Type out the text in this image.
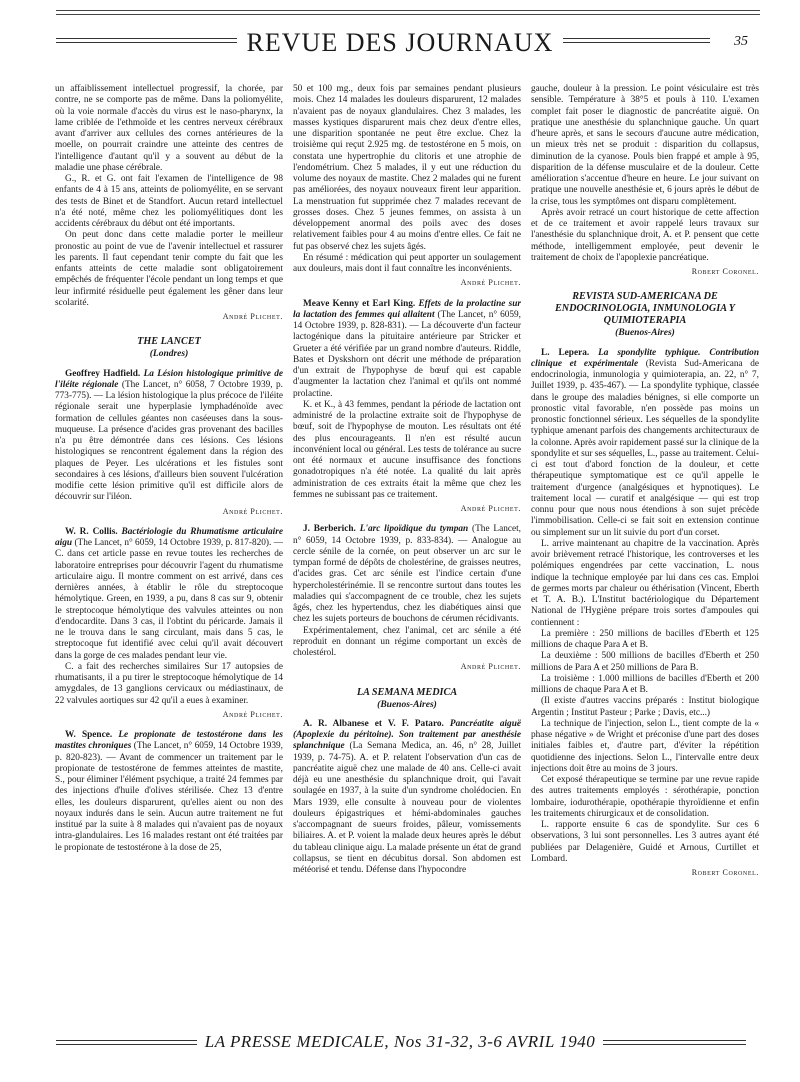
REVUE DES JOURNAUX	35

un affaiblissement intellectuel progressif, la chorée, par contre, ne se comporte pas de même. Dans la poliomyélite, où la voie normale d'accès du virus est le naso-pharynx, la lame criblée de l'ethmoïde et les centres nerveux cérébraux avant d'arriver aux cellules des cornes antérieures de la moelle, on pourrait craindre une atteinte des centres de l'intelligence d'autant qu'il y a souvent au début de la maladie une phase cérébrale.

G., R. et G. ont fait l'examen de l'intelligence de 98 enfants de 4 à 15 ans, atteints de poliomyélite, en se servant des tests de Binet et de Standfort. Aucun retard intellectuel n'a été noté, même chez les poliomyélitiques dont les accidents cérébraux du début ont été importants.

On peut donc dans cette maladie porter le meilleur pronostic au point de vue de l'avenir intellectuel et rassurer les parents. Il faut cependant tenir compte du fait que les enfants atteints de cette maladie sont obligatoirement empêchés de fréquenter l'école pendant un long temps et que leur infirmité résiduelle peut également les gêner dans leur scolarité.

André Plichet.
THE LANCET
(Londres)

Geoffrey Hadfield. La Lésion histologique primitive de l'iléite régionale (The Lancet, n° 6058, 7 Octobre 1939, p. 773-775). — La lésion histologique la plus précoce de l'iléite régionale serait une hyperplasie lymphadénoïde avec formation de cellules géantes non caséeuses dans la sous-muqueuse. La présence d'acides gras provenant des bacilles n'a pu être démontrée dans ces lésions. Ces lésions histologiques se rencontrent également dans la région des plaques de Peyer. Les ulcérations et les fistules sont secondaires à ces lésions, d'ailleurs bien souvent l'ulcération modifie cette lésion primitive qu'il est difficile alors de découvrir sur l'iléon.

André Plichet.

W. R. Collis. Bactériologie du Rhumatisme articulaire aigu (The Lancet, n° 6059, 14 Octobre 1939, p. 817-820). — C. dans cet article passe en revue toutes les recherches de laboratoire entreprises pour découvrir l'agent du rhumatisme articulaire aigu. Il montre comment on est arrivé, dans ces dernières années, à établir le rôle du streptocoque hémolytique. Green, en 1939, a pu, dans 8 cas sur 9, obtenir le streptocoque hémolytique des valvules atteintes ou non d'endocardite. Dans 3 cas, il l'obtint du péricarde. Jamais il ne le trouva dans le sang circulant, mais dans 5 cas, le streptocoque fut identifié avec celui qu'il avait découvert dans la gorge de ces malades pendant leur vie.

C. a fait des recherches similaires Sur 17 autopsies de rhumatisants, il a pu tirer le streptocoque hémolytique de 14 amygdales, de 13 ganglions cervicaux ou médiastinaux, de 22 valvules aortiques sur 42 qu'il a eues à examiner.

André Plichet.

W. Spence. Le propionate de testostérone dans les mastites chroniques (The Lancet, n° 6059, 14 Octobre 1939, p. 820-823). — Avant de commencer un traitement par le propionate de testostérone de femmes atteintes de mastite, S., pour éliminer l'élément psychique, a traité 24 femmes par des injections d'huile d'olives stérilisée. Chez 13 d'entre elles, les douleurs disparurent, qu'elles aient ou non des noyaux indurés dans le sein. Aucun autre traitement ne fut institué par la suite à 8 malades qui n'avaient pas de noyaux intra-glandulaires. Les 16 malades restant ont été traitées par le propionate de testostérone à la dose de 25,

50 et 100 mg., deux fois par semaines pendant plusieurs mois. Chez 14 malades les douleurs disparurent, 12 malades n'avaient pas de noyaux glandulaires. Chez 3 malades, les masses kystiques disparurent mais chez deux d'entre elles, une disparition spontanée ne peut être exclue. Chez la troisième qui reçut 2.925 mg. de testostérone en 5 mois, on constata une hypertrophie du clitoris et une atrophie de l'endométrium. Chez 5 malades, il y eut une réduction du volume des noyaux de mastite. Chez 2 malades qui ne furent pas améliorées, des noyaux nouveaux firent leur apparition. La menstruation fut supprimée chez 7 malades recevant de grosses doses. Chez 5 jeunes femmes, on assista à un développement anormal des poils avec des doses relativement faibles pour 4 au moins d'entre elles. Ce fait ne fut pas observé chez les sujets âgés.

En résumé : médication qui peut apporter un soulagement aux douleurs, mais dont il faut connaître les inconvénients.

André Plichet.

Meave Kenny et Earl King. Effets de la prolactine sur la lactation des femmes qui allaitent (The Lancet, n° 6059, 14 Octobre 1939, p. 828-831). — La découverte d'un facteur lactogénique dans la pituitaire antérieure par Stricker et Grueter a été vérifiée par un grand nombre d'auteurs. Riddle, Bates et Dyskshorn ont décrit une méthode de préparation d'un extrait de l'hypophyse de bœuf qui est capable d'augmenter la lactation chez l'animal et qu'ils ont nommé prolactine.

K. et K., à 43 femmes, pendant la période de lactation ont administré de la prolactine extraite soit de l'hypophyse de bœuf, soit de l'hypophyse de mouton. Les résultats ont été des plus encourageants. Il n'en est résulté aucun inconvénient local ou général. Les tests de tolérance au sucre ont été normaux et aucune insuffisance des fonctions gonadotropiques n'a été notée. La qualité du lait après administration de ces extraits était la même que chez les femmes ne subissant pas ce traitement.

André Plichet.

J. Berberich. L'arc lipoïdique du tympan (The Lancet, n° 6059, 14 Octobre 1939, p. 833-834). — Analogue au cercle sénile de la cornée, on peut observer un arc sur le tympan formé de dépôts de cholestérine, de graisses neutres, d'acides gras. Cet arc sénile est l'indice certain d'une hypercholestérinémie. Il se rencontre surtout dans toutes les maladies qui s'accompagnent de ce trouble, chez les sujets âgés, chez les hypertendus, chez les diabétiques ainsi que chez les sujets porteurs de bouchons de cérumen récidivants.

Expérimentalement, chez l'animal, cet arc sénile a été reproduit en donnant un régime comportant un excès de cholestérol.

André Plichet.
LA SEMANA MEDICA
(Buenos-Aires)

A. R. Albanese et V. F. Pataro. Pancréatite aiguë (Apoplexie du péritoine). Son traitement par anesthésie splanchnique (La Semana Medica, an. 46, n° 28, Juillet 1939, p. 74-75). A. et P. relatent l'observation d'un cas de pancréatite aiguë chez une malade de 40 ans. Celle-ci avait déjà eu une anesthésie du splanchnique droit, qui l'avait soulagée en 1937, à la suite d'un syndrome cholédocien. En Mars 1939, elle consulte à nouveau pour de violentes douleurs épigastriques et hémi-abdominales gauches s'accompagnant de sueurs froides, pâleur, vomissements biliaires. A. et P. voient la malade deux heures après le début du tableau clinique aigu. La malade présente un état de grand collapsus, se tient en décubitus dorsal. Son abdomen est météorisé et tendu. Défense dans l'hypocondre

gauche, douleur à la pression. Le point vésiculaire est très sensible. Température à 38°5 et pouls à 110. L'examen complet fait poser le diagnostic de pancréatite aiguë. On pratique une anesthésie du splanchnique gauche. Un quart d'heure après, et sans le secours d'aucune autre médication, un mieux très net se produit : disparition du collapsus, diminution de la cyanose. Pouls bien frappé et ample à 95, disparition de la défense musculaire et de la douleur. Cette amélioration s'accentue d'heure en heure. Le jour suivant on pratique une nouvelle anesthésie et, 6 jours après le début de la crise, tous les symptômes ont disparu complètement.

Après avoir retracé un court historique de cette affection et de ce traitement et avoir rappelé leurs travaux sur l'anesthésie du splanchnique droit, A. et P. pensent que cette méthode, intelligemment employée, peut devenir le traitement de choix de l'apoplexie pancréatique.

Robert Coronel.
REVISTA SUD-AMERICANA DE ENDOCRINOLOGIA, INMUNOLOGIA Y QUIMIOTERAPIA
(Buenos-Aires)

L. Lepera. La spondylite typhique. Contribution clinique et expérimentale (Revista Sud-Americana de endocrinologia, inmunologia y quimioterapia, an. 22, n° 7, Juillet 1939, p. 435-467). — La spondylite typhique, classée dans le groupe des maladies bénignes, si elle comporte un pronostic vital favorable, n'en possède pas moins un pronostic fonctionnel sérieux. Les séquelles de la spondylite typhique amenant parfois des changements architecturaux de la colonne. Après avoir rapidement passé sur la clinique de la spondylite et sur ses séquelles, L., passe au traitement. Celui-ci est tout d'abord fonction de la douleur, et cette thérapeutique symptomatique est ce qu'il appelle le traitement d'urgence (analgésiques et hypnotiques). Le traitement local — curatif et analgésique — qui est trop connu pour que nous nous étendions à son sujet précède l'immobilisation. Celle-ci se fait soit en extension continue ou simplement sur un lit suivie du port d'un corset.

L. arrive maintenant au chapitre de la vaccination. Après avoir brièvement retracé l'historique, les controverses et les polémiques engendrées par cette vaccination, L. nous indique la technique employée par lui dans ces cas. Emploi de germes morts par chaleur ou éthérisation (Vincent, Eberth et T. A. B.). L'Institut bactériologique du Département National de l'Hygiène prépare trois sortes d'ampoules qui contiennent :

La première : 250 millions de bacilles d'Eberth et 125 millions de chaque Para A et B.

La deuxième : 500 millions de bacilles d'Eberth et 250 millions de Para A et 250 millions de Para B.

La troisième : 1.000 millions de bacilles d'Eberth et 200 millions de chaque Para A et B.

(Il existe d'autres vaccins préparés : Institut biologique Argentin ; Institut Pasteur ; Parke ; Davis, etc...)

La technique de l'injection, selon L., tient compte de la « phase négative » de Wright et préconise d'une part des doses initiales faibles et, d'autre part, d'éviter la répétition quotidienne des injections. Selon L., l'intervalle entre deux injections doit être au moins de 3 jours.

Cet exposé thérapeutique se termine par une revue rapide des autres traitements employés : sérothérapie, ponction lombaire, iodurothérapie, opothérapie thyroïdienne et enfin les traitements chirurgicaux et de consolidation.

L. rapporte ensuite 6 cas de spondylite. Sur ces 6 observations, 3 lui sont personnelles. Les 3 autres ayant été publiées par Delagenière, Guidé et Arnous, Curtillet et Lombard.

Robert Coronel.
LA PRESSE MEDICALE, Nos 31-32, 3-6 AVRIL 1940
